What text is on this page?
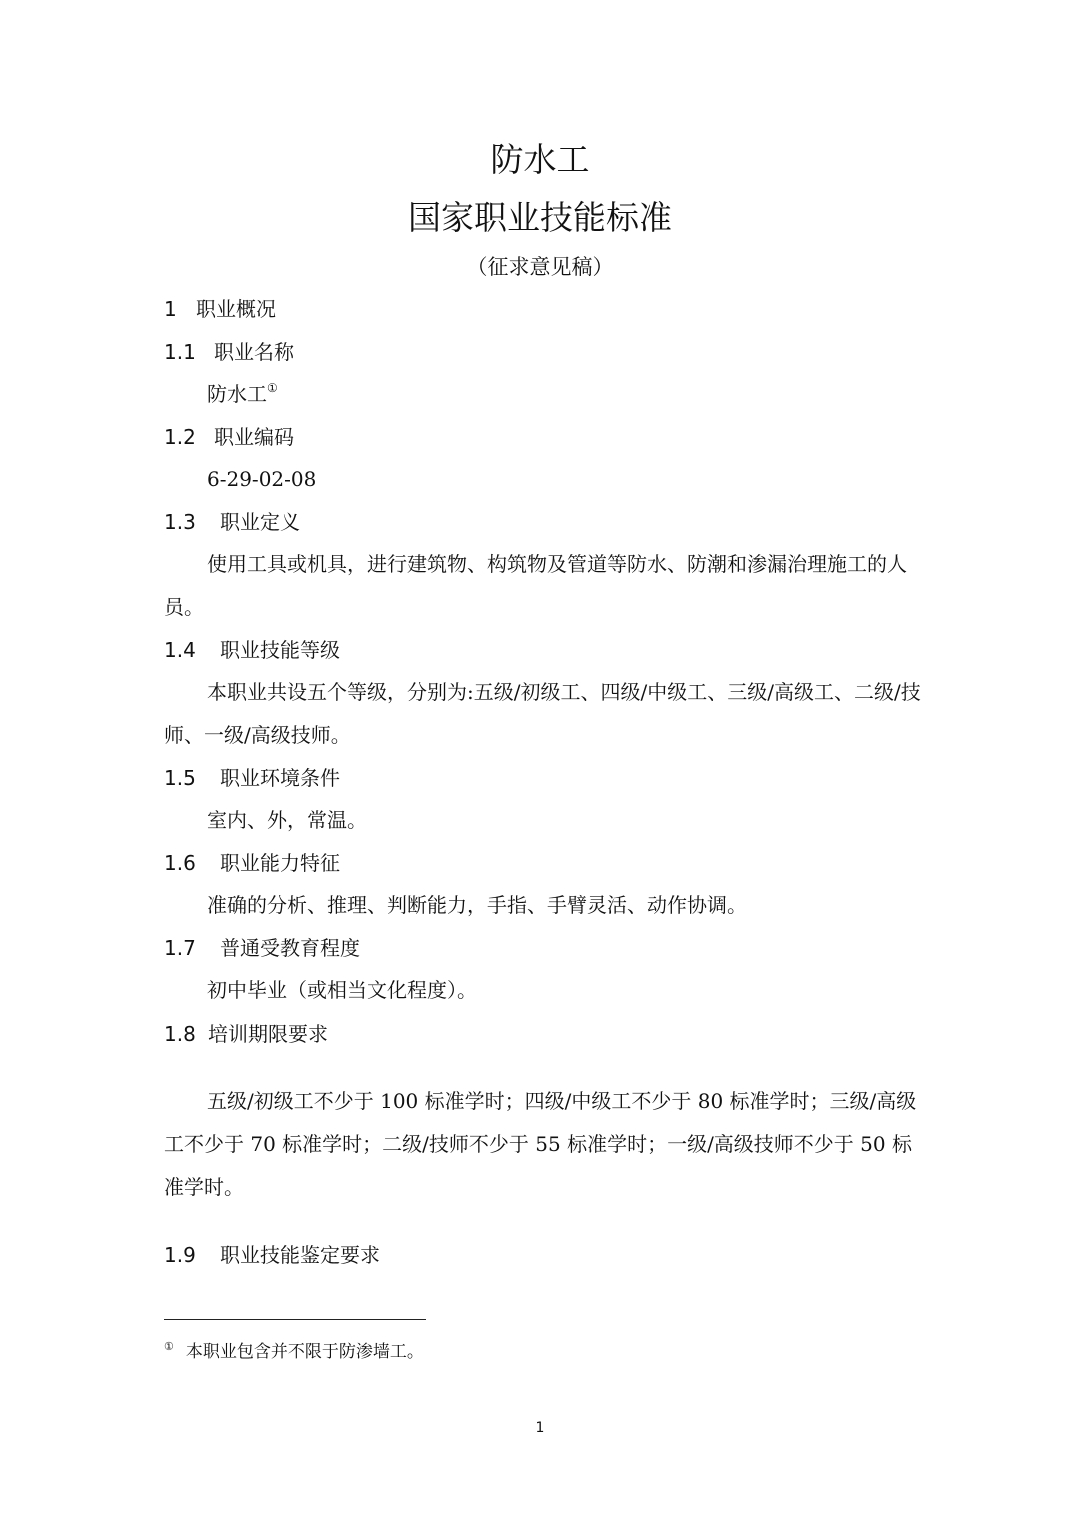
防水工
国家职业技能标准
（征求意见稿）
1 职业概况
1.1 职业名称
防水工①
1.2 职业编码
6-29-02-08
1.3 职业定义
使用工具或机具，进行建筑物、构筑物及管道等防水、防潮和渗漏治理施工的人员。
1.4 职业技能等级
本职业共设五个等级，分别为:五级/初级工、四级/中级工、三级/高级工、二级/技师、一级/高级技师。
1.5 职业环境条件
室内、外，常温。
1.6 职业能力特征
准确的分析、推理、判断能力，手指、手臂灵活、动作协调。
1.7 普通受教育程度
初中毕业（或相当文化程度）。
1.8 培训期限要求
五级/初级工不少于 100 标准学时；四级/中级工不少于 80 标准学时；三级/高级工不少于 70 标准学时；二级/技师不少于 55 标准学时；一级/高级技师不少于 50 标准学时。
1.9 职业技能鉴定要求
① 本职业包含并不限于防渗墙工。
1
